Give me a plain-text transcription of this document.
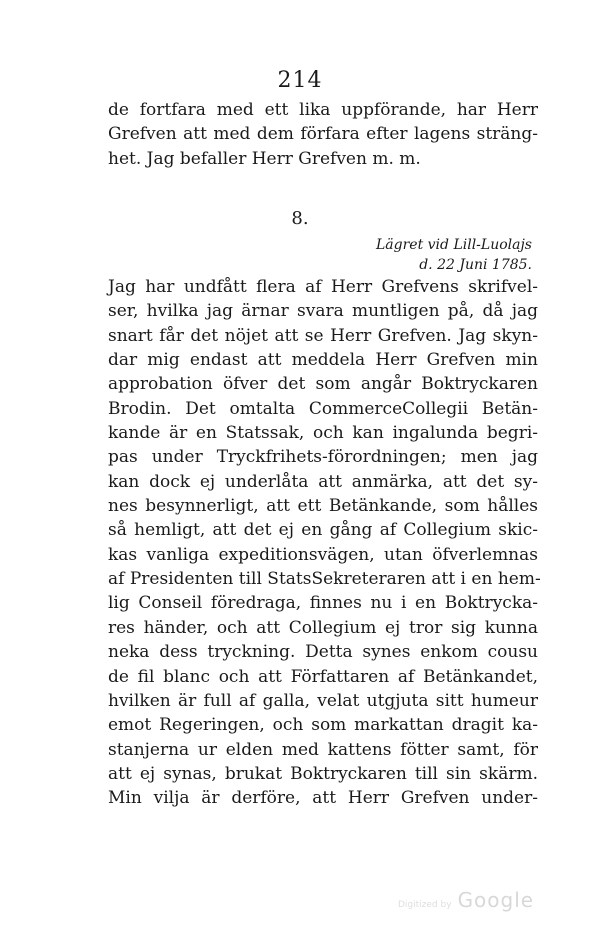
214
de fortfara med ett lika uppförande, har Herr
Grefven att med dem förfara efter lagens sträng-
het. Jag befaller Herr Grefven m. m.
8.
Lägret vid Lill-Luolajs
d. 22 Juni 1785.
Jag har undfått flera af Herr Grefvens skrifvel-
ser, hvilka jag ärnar svara muntligen på, då jag
snart får det nöjet att se Herr Grefven. Jag skyn-
dar mig endast att meddela Herr Grefven min
approbation öfver det som angår Boktryckaren
Brodin. Det omtalta CommerceCollegii Betän-
kande är en Statssak, och kan ingalunda begri-
pas under Tryckfrihets-förordningen; men jag
kan dock ej underlåta att anmärka, att det sy-
nes besynnerligt, att ett Betänkande, som hålles
så hemligt, att det ej en gång af Collegium skic-
kas vanliga expeditionsvägen, utan öfverlemnas
af Presidenten till StatsSekreteraren att i en hem-
lig Conseil föredraga, finnes nu i en Boktrycka-
res händer, och att Collegium ej tror sig kunna
neka dess tryckning. Detta synes enkom cousu
de fil blanc och att Författaren af Betänkandet,
hvilken är full af galla, velat utgjuta sitt humeur
emot Regeringen, och som markattan dragit ka-
stanjerna ur elden med kattens fötter samt, för
att ej synas, brukat Boktryckaren till sin skärm.
Min vilja är derföre, att Herr Grefven under-
Digitized by Google
